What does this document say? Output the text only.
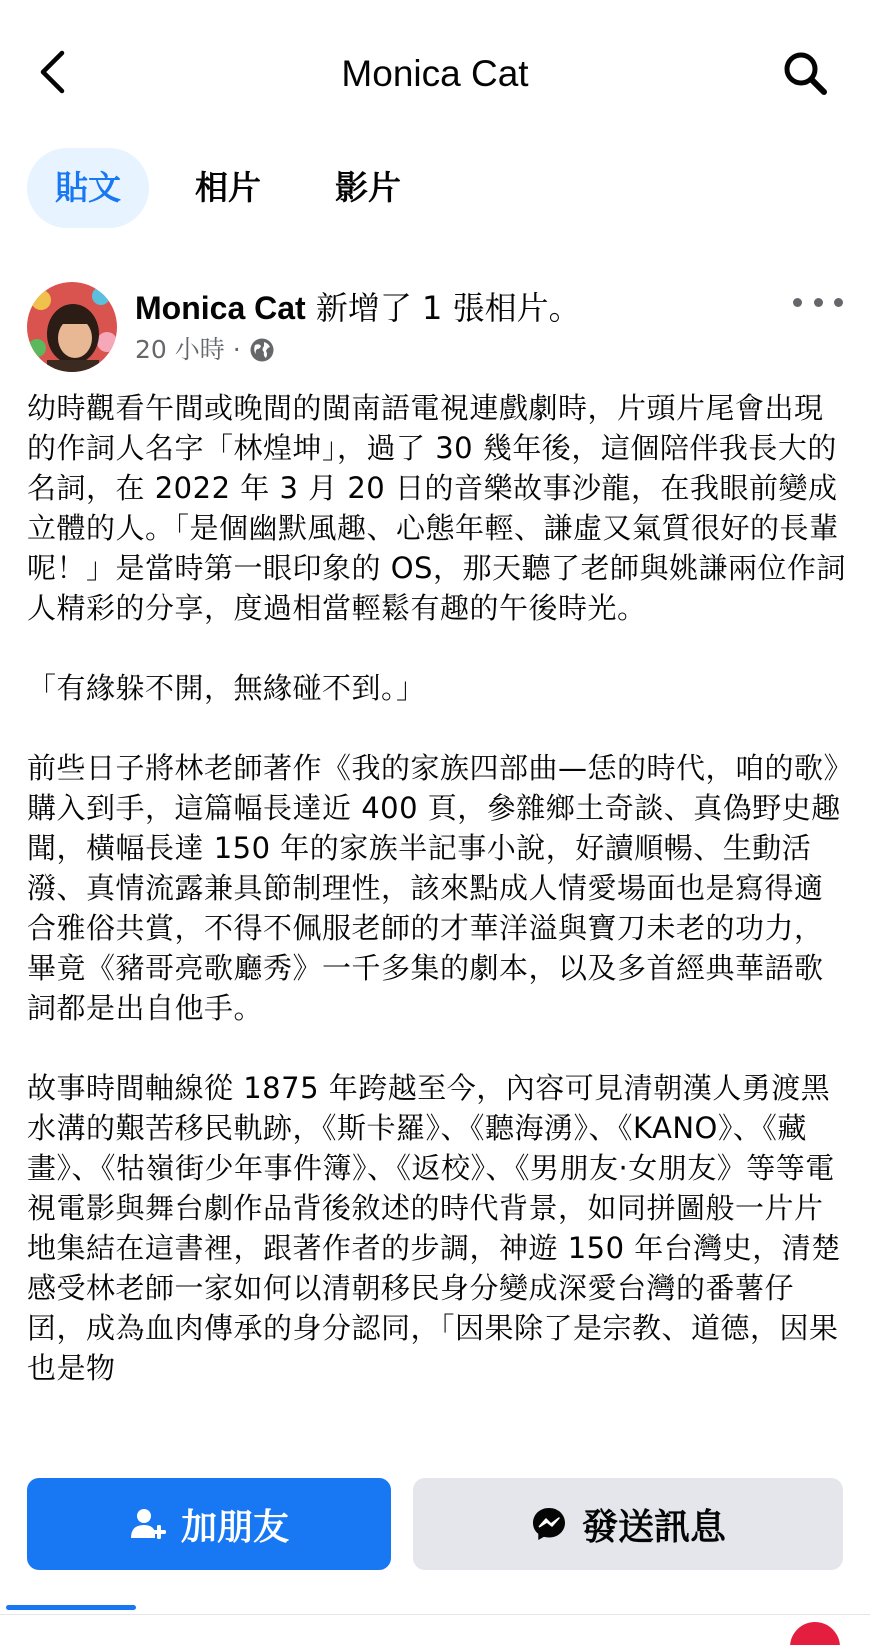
Monica Cat
貼文	相片	影片
Monica Cat 新增了 1 張相片。
20 小時 ·

幼時觀看午間或晚間的閩南語電視連戲劇時，片頭片尾會出現的作詞人名字「林煌坤」，過了 30 幾年後，這個陪伴我長大的名詞，在 2022 年 3 月 20 日的音樂故事沙龍，在我眼前變成立體的人。「是個幽默風趣、心態年輕、謙虛又氣質很好的長輩呢！」是當時第一眼印象的 OS，那天聽了老師與姚謙兩位作詞人精彩的分享，度過相當輕鬆有趣的午後時光。

「有緣躲不開，無緣碰不到。」

前些日子將林老師著作《我的家族四部曲—恁的時代，咱的歌》購入到手，這篇幅長達近 400 頁，參雜鄉土奇談、真偽野史趣聞，橫幅長達 150 年的家族半記事小說，好讀順暢、生動活潑、真情流露兼具節制理性，該來點成人情愛場面也是寫得適合雅俗共賞，不得不佩服老師的才華洋溢與寶刀未老的功力，畢竟《豬哥亮歌廳秀》一千多集的劇本，以及多首經典華語歌詞都是出自他手。

故事時間軸線從 1875 年跨越至今，內容可見清朝漢人勇渡黑水溝的艱苦移民軌跡，《斯卡羅》、《聽海湧》、《KANO》、《藏畫》、《牯嶺街少年事件簿》、《返校》、《男朋友·女朋友》等等電視電影與舞台劇作品背後敘述的時代背景，如同拼圖般一片片地集結在這書裡，跟著作者的步調，神遊 150 年台灣史，清楚感受林老師一家如何以清朝移民身分變成深愛台灣的番薯仔囝，成為血肉傳承的身分認同，「因果除了是宗教、道德，因果也是物

加朋友	發送訊息
